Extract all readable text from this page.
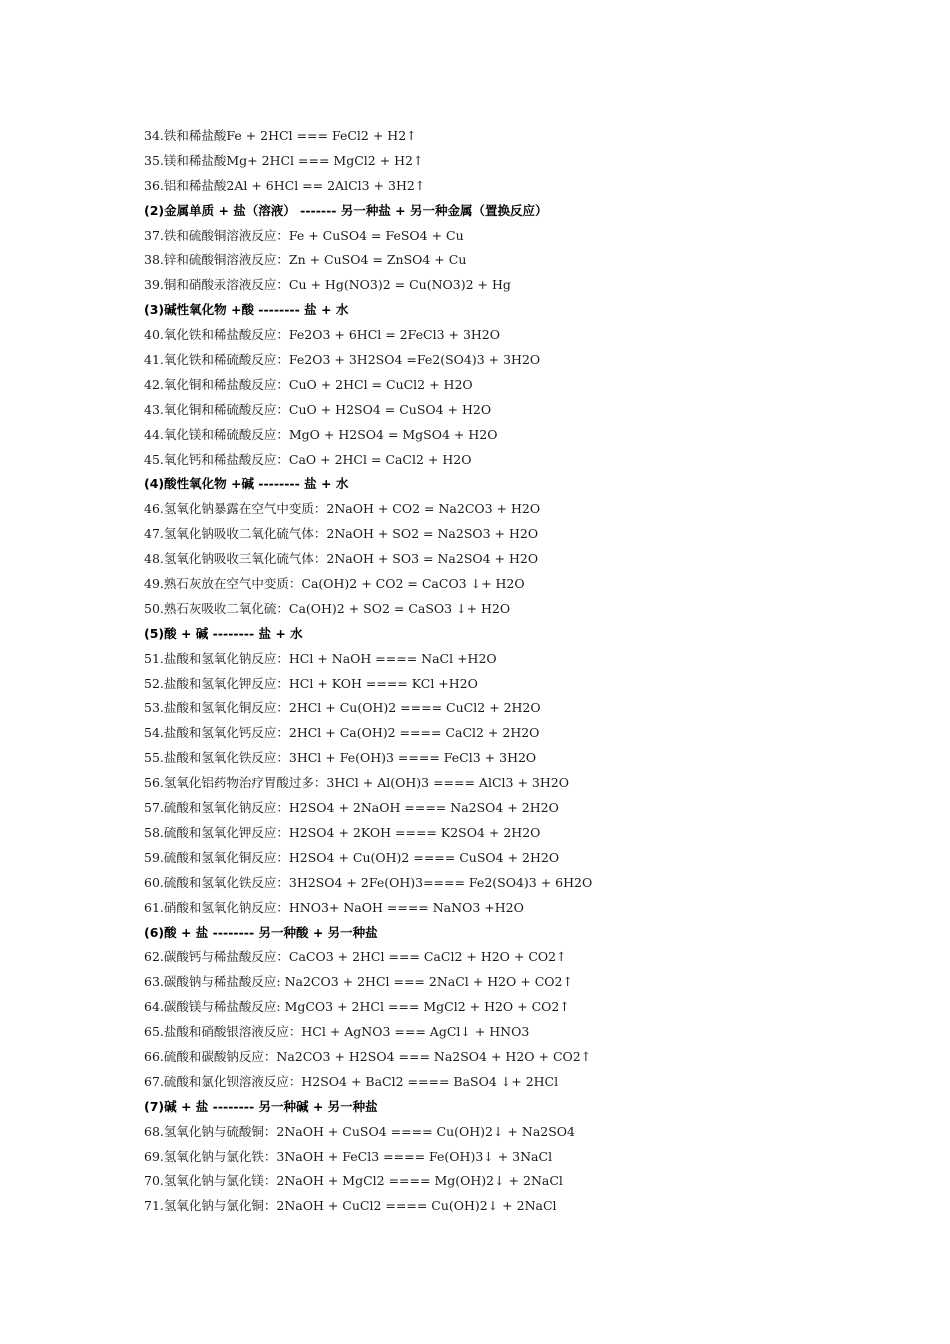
34.铁和稀盐酸Fe + 2HCl === FeCl2 + H2↑
35.镁和稀盐酸Mg+ 2HCl === MgCl2 + H2↑
36.铝和稀盐酸2Al + 6HCl == 2AlCl3 + 3H2↑
(2)金属单质 + 盐（溶液） ------- 另一种盐 + 另一种金属（置换反应）
37.铁和硫酸铜溶液反应：Fe + CuSO4 = FeSO4 + Cu
38.锌和硫酸铜溶液反应：Zn + CuSO4 = ZnSO4 + Cu
39.铜和硝酸汞溶液反应：Cu + Hg(NO3)2 = Cu(NO3)2 + Hg
(3)碱性氧化物 +酸 -------- 盐 + 水
40.氧化铁和稀盐酸反应：Fe2O3 + 6HCl = 2FeCl3 + 3H2O
41.氧化铁和稀硫酸反应：Fe2O3 + 3H2SO4 =Fe2(SO4)3 + 3H2O
42.氧化铜和稀盐酸反应：CuO + 2HCl = CuCl2 + H2O
43.氧化铜和稀硫酸反应：CuO + H2SO4 = CuSO4 + H2O
44.氧化镁和稀硫酸反应：MgO + H2SO4 = MgSO4 + H2O
45.氧化钙和稀盐酸反应：CaO + 2HCl = CaCl2 + H2O
(4)酸性氧化物 +碱 -------- 盐 + 水
46.氢氧化钠暴露在空气中变质：2NaOH + CO2 = Na2CO3 + H2O
47.氢氧化钠吸收二氧化硫气体：2NaOH + SO2 = Na2SO3 + H2O
48.氢氧化钠吸收三氧化硫气体：2NaOH + SO3 = Na2SO4 + H2O
49.熟石灰放在空气中变质：Ca(OH)2 + CO2 = CaCO3 ↓+ H2O
50.熟石灰吸收二氧化硫：Ca(OH)2 + SO2 = CaSO3 ↓+ H2O
(5)酸 + 碱 -------- 盐 + 水
51.盐酸和氢氧化钠反应：HCl + NaOH ==== NaCl +H2O
52.盐酸和氢氧化钾反应：HCl + KOH ==== KCl +H2O
53.盐酸和氢氧化铜反应：2HCl + Cu(OH)2 ==== CuCl2 + 2H2O
54.盐酸和氢氧化钙反应：2HCl + Ca(OH)2 ==== CaCl2 + 2H2O
55.盐酸和氢氧化铁反应：3HCl + Fe(OH)3 ==== FeCl3 + 3H2O
56.氢氧化铝药物治疗胃酸过多：3HCl + Al(OH)3 ==== AlCl3 + 3H2O
57.硫酸和氢氧化钠反应：H2SO4 + 2NaOH ==== Na2SO4 + 2H2O
58.硫酸和氢氧化钾反应：H2SO4 + 2KOH ==== K2SO4 + 2H2O
59.硫酸和氢氧化铜反应：H2SO4 + Cu(OH)2 ==== CuSO4 + 2H2O
60.硫酸和氢氧化铁反应：3H2SO4 + 2Fe(OH)3==== Fe2(SO4)3 + 6H2O
61.硝酸和氢氧化钠反应：HNO3+ NaOH ==== NaNO3 +H2O
(6)酸 + 盐 -------- 另一种酸 + 另一种盐
62.碳酸钙与稀盐酸反应：CaCO3 + 2HCl === CaCl2 + H2O + CO2↑
63.碳酸钠与稀盐酸反应: Na2CO3 + 2HCl === 2NaCl + H2O + CO2↑
64.碳酸镁与稀盐酸反应: MgCO3 + 2HCl === MgCl2 + H2O + CO2↑
65.盐酸和硝酸银溶液反应：HCl + AgNO3 === AgCl↓ + HNO3
66.硫酸和碳酸钠反应：Na2CO3 + H2SO4 === Na2SO4 + H2O + CO2↑
67.硫酸和氯化钡溶液反应：H2SO4 + BaCl2 ==== BaSO4 ↓+ 2HCl
(7)碱 + 盐 -------- 另一种碱 + 另一种盐
68.氢氧化钠与硫酸铜：2NaOH + CuSO4 ==== Cu(OH)2↓ + Na2SO4
69.氢氧化钠与氯化铁：3NaOH + FeCl3 ==== Fe(OH)3↓ + 3NaCl
70.氢氧化钠与氯化镁：2NaOH + MgCl2 ==== Mg(OH)2↓ + 2NaCl
71.氢氧化钠与氯化铜：2NaOH + CuCl2 ==== Cu(OH)2↓ + 2NaCl
